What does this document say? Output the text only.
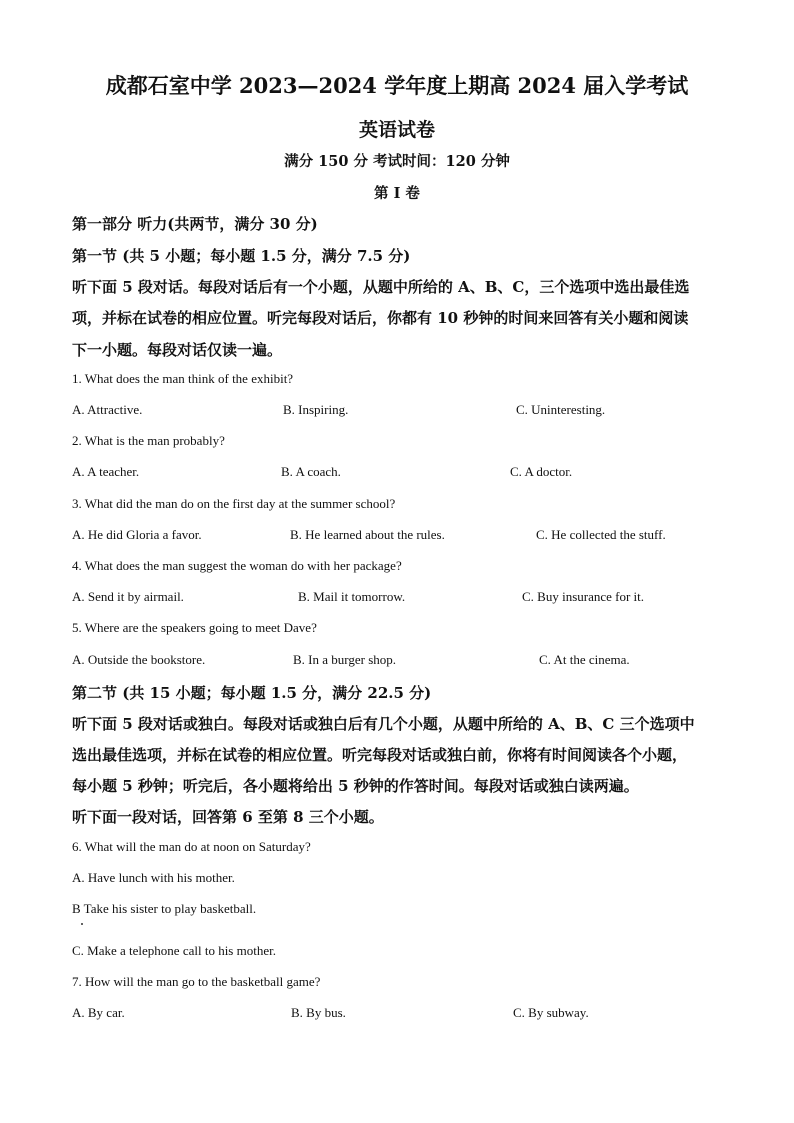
成都石室中学 2023—2024 学年度上期高 2024 届入学考试
英语试卷
满分 150 分 考试时间：120 分钟
第 I 卷
第一部分 听力(共两节，满分 30 分)
第一节 (共 5 小题；每小题 1.5 分，满分 7.5 分)
听下面 5 段对话。每段对话后有一个小题，从题中所给的 A、B、C，三个选项中选出最佳选
项，并标在试卷的相应位置。听完每段对话后，你都有 10 秒钟的时间来回答有关小题和阅读
下一小题。每段对话仅读一遍。
1. What does the man think of the exhibit?
A. Attractive.	B. Inspiring.	C. Uninteresting.
2. What is the man probably?
A. A teacher.	B. A coach.	C. A doctor.
3. What did the man do on the first day at the summer school?
A. He did Gloria a favor.	B. He learned about the rules.	C. He collected the stuff.
4. What does the man suggest the woman do with her package?
A. Send it by airmail.	B. Mail it tomorrow.	C. Buy insurance for it.
5. Where are the speakers going to meet Dave?
A. Outside the bookstore.	B. In a burger shop.	C. At the cinema.
第二节 (共 15 小题；每小题 1.5 分，满分 22.5 分)
听下面 5 段对话或独白。每段对话或独白后有几个小题，从题中所给的 A、B、C 三个选项中
选出最佳选项，并标在试卷的相应位置。听完每段对话或独白前，你将有时间阅读各个小题，
每小题 5 秒钟；听完后，各小题将给出 5 秒钟的作答时间。每段对话或独白读两遍。
听下面一段对话，回答第 6 至第 8 三个小题。
6. What will the man do at noon on Saturday?
A. Have lunch with his mother.
B Take his sister to play basketball.
C. Make a telephone call to his mother.
7. How will the man go to the basketball game?
A. By car.	B. By bus.	C. By subway.
